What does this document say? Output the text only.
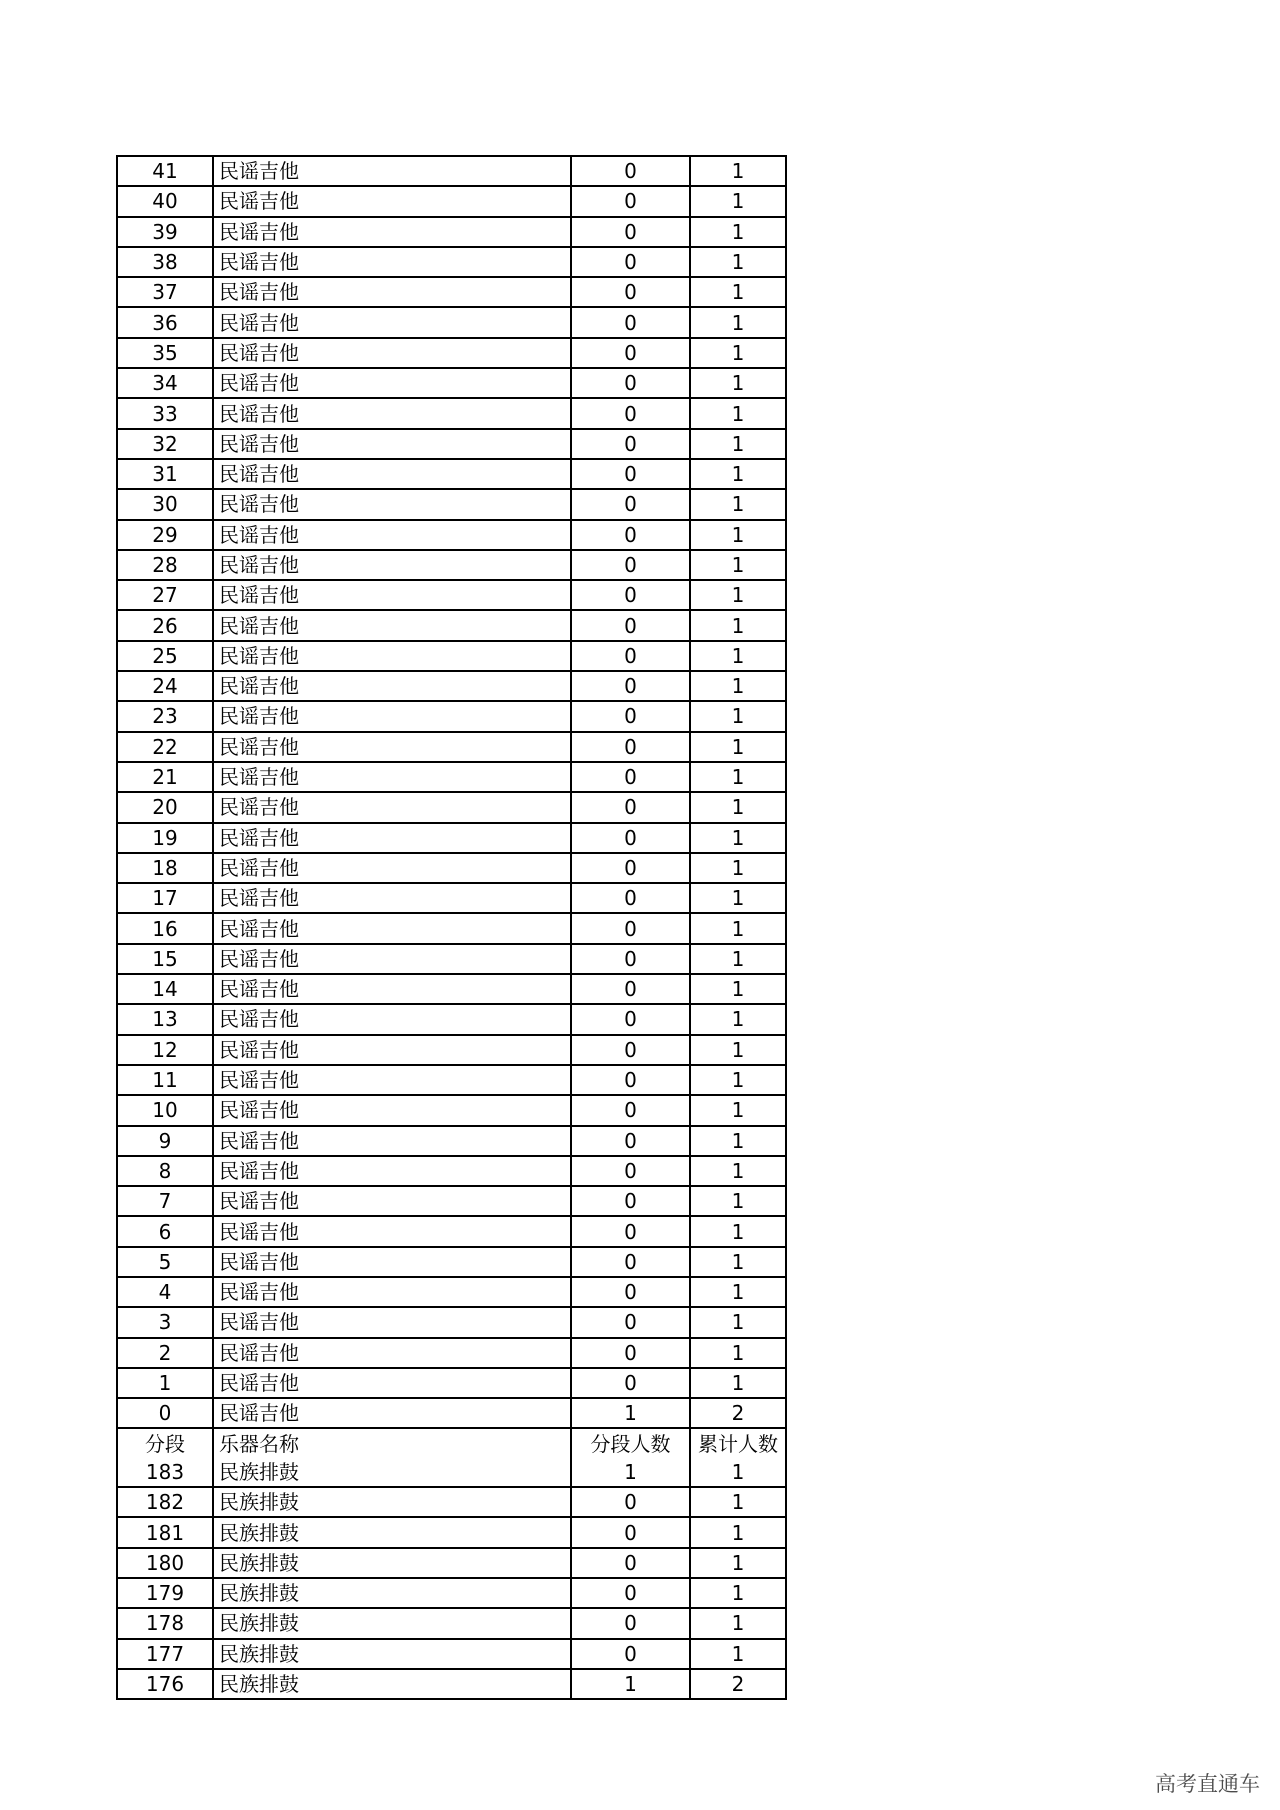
41	民谣吉他	0	1
40	民谣吉他	0	1
39	民谣吉他	0	1
38	民谣吉他	0	1
37	民谣吉他	0	1
36	民谣吉他	0	1
35	民谣吉他	0	1
34	民谣吉他	0	1
33	民谣吉他	0	1
32	民谣吉他	0	1
31	民谣吉他	0	1
30	民谣吉他	0	1
29	民谣吉他	0	1
28	民谣吉他	0	1
27	民谣吉他	0	1
26	民谣吉他	0	1
25	民谣吉他	0	1
24	民谣吉他	0	1
23	民谣吉他	0	1
22	民谣吉他	0	1
21	民谣吉他	0	1
20	民谣吉他	0	1
19	民谣吉他	0	1
18	民谣吉他	0	1
17	民谣吉他	0	1
16	民谣吉他	0	1
15	民谣吉他	0	1
14	民谣吉他	0	1
13	民谣吉他	0	1
12	民谣吉他	0	1
11	民谣吉他	0	1
10	民谣吉他	0	1
9	民谣吉他	0	1
8	民谣吉他	0	1
7	民谣吉他	0	1
6	民谣吉他	0	1
5	民谣吉他	0	1
4	民谣吉他	0	1
3	民谣吉他	0	1
2	民谣吉他	0	1
1	民谣吉他	0	1
0	民谣吉他	1	2
分段	乐器名称	分段人数	累计人数
183	民族排鼓	1	1
182	民族排鼓	0	1
181	民族排鼓	0	1
180	民族排鼓	0	1
179	民族排鼓	0	1
178	民族排鼓	0	1
177	民族排鼓	0	1
176	民族排鼓	1	2
高考直通车
